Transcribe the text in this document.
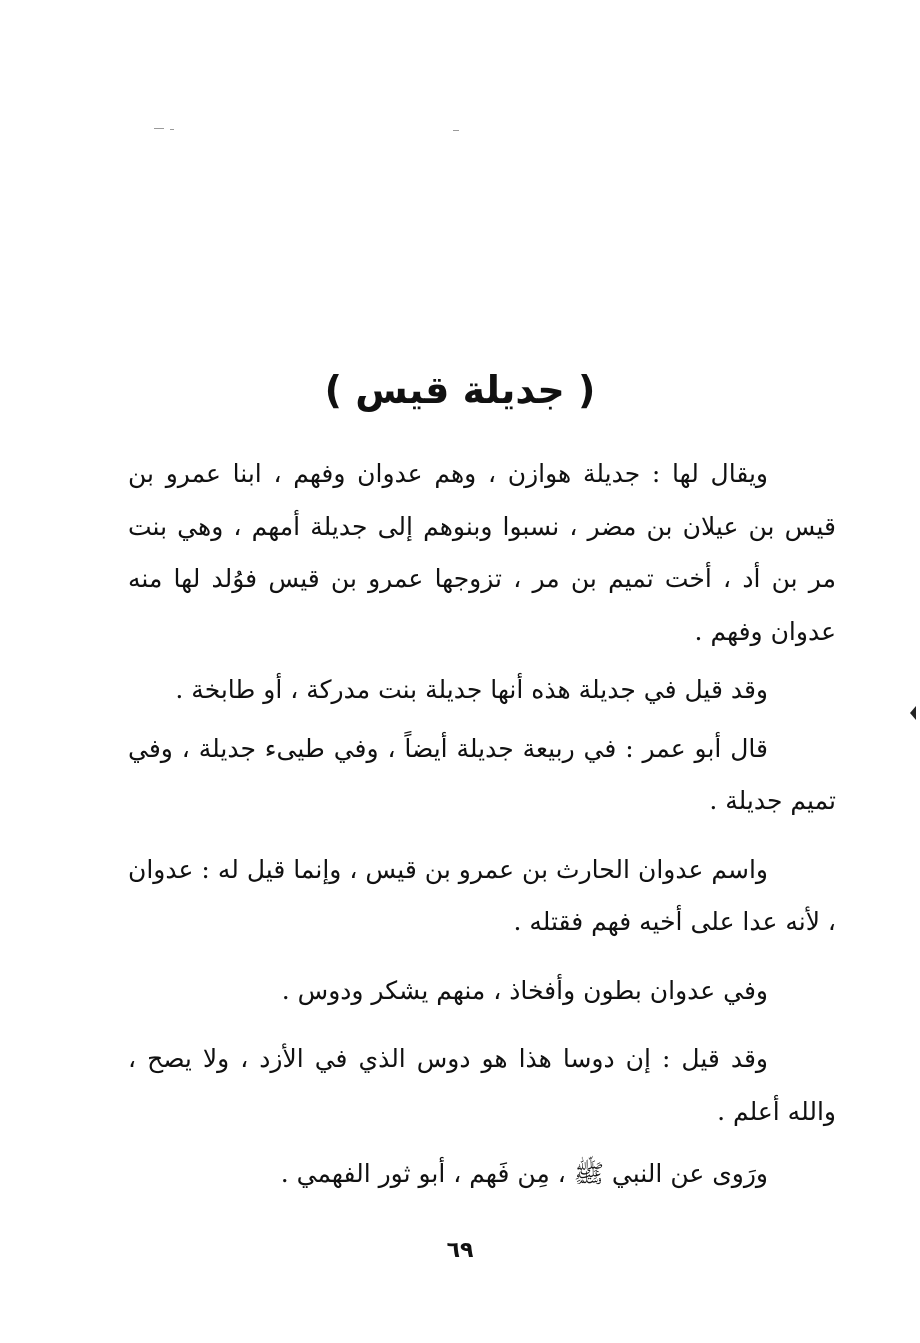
( جديلة قيس )

ويقال لها : جديلة هوازن ، وهم عدوان وفهم ، ابنا عمرو بن قيس بن عيلان بن مضر ، نسبوا وبنوهم إلى جديلة أمهم ، وهي بنت مر بن أد ، أخت تميم بن مر ، تزوجها عمرو بن قيس فوُلد لها منه عدوان وفهم .

وقد قيل في جديلة هذه أنها جديلة بنت مدركة ، أو طابخة .

قال أبو عمر : في ربيعة جديلة أيضاً ، وفي طيىء جديلة ، وفي تميم جديلة .

واسم عدوان الحارث بن عمرو بن قيس ، وإنما قيل له : عدوان ، لأنه عدا على أخيه فهم فقتله .

وفي عدوان بطون وأفخاذ ، منهم يشكر ودوس .

وقد قيل : إن دوسا هذا هو دوس الذي في الأزد ، ولا يصح ، والله أعلم .

ورَوى عن النبي ﷺ ، مِن فَهم ، أبو ثور الفهمي .

٦٩
